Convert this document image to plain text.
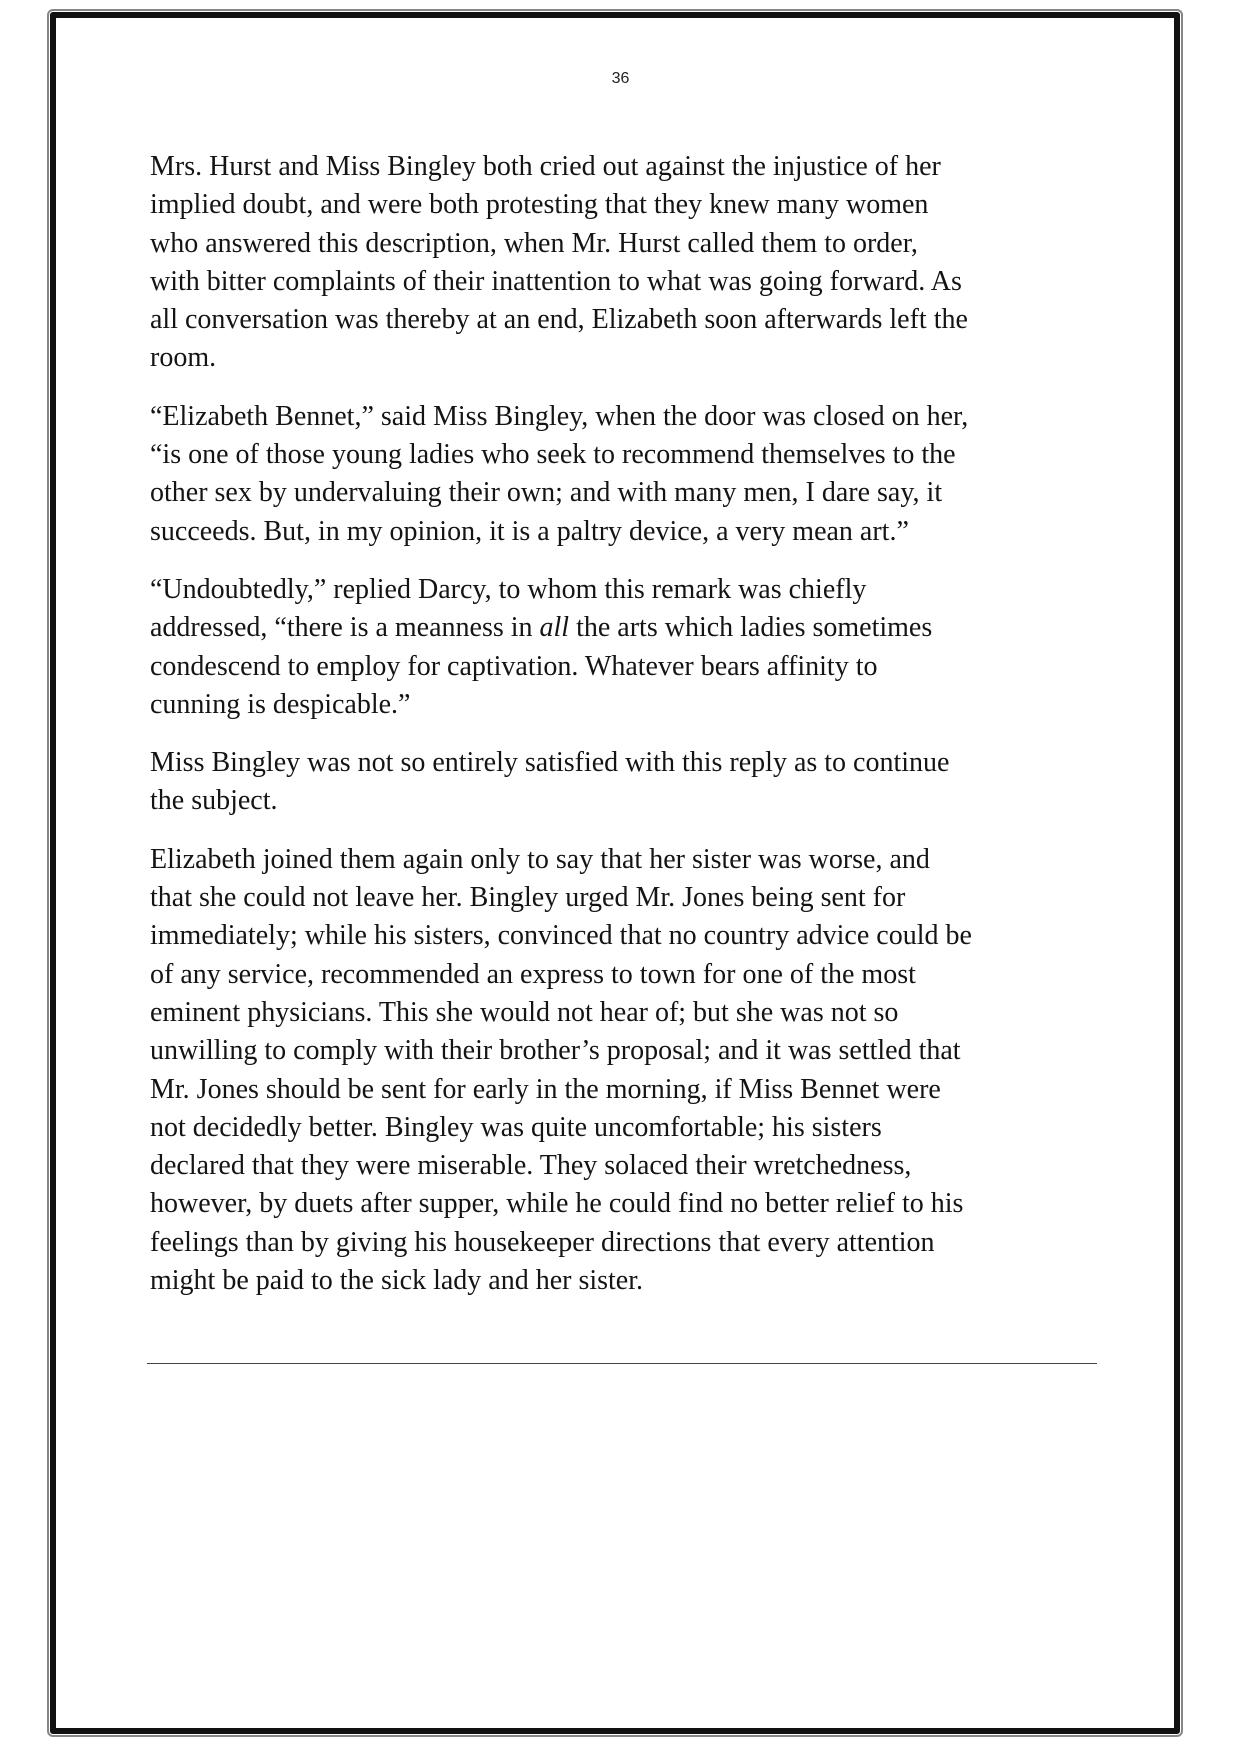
36

Mrs. Hurst and Miss Bingley both cried out against the injustice of her
implied doubt, and were both protesting that they knew many women
who answered this description, when Mr. Hurst called them to order,
with bitter complaints of their inattention to what was going forward. As
all conversation was thereby at an end, Elizabeth soon afterwards left the
room.

“Elizabeth Bennet,” said Miss Bingley, when the door was closed on her,
“is one of those young ladies who seek to recommend themselves to the
other sex by undervaluing their own; and with many men, I dare say, it
succeeds. But, in my opinion, it is a paltry device, a very mean art.”

“Undoubtedly,” replied Darcy, to whom this remark was chiefly
addressed, “there is a meanness in all the arts which ladies sometimes
condescend to employ for captivation. Whatever bears affinity to
cunning is despicable.”

Miss Bingley was not so entirely satisfied with this reply as to continue
the subject.

Elizabeth joined them again only to say that her sister was worse, and
that she could not leave her. Bingley urged Mr. Jones being sent for
immediately; while his sisters, convinced that no country advice could be
of any service, recommended an express to town for one of the most
eminent physicians. This she would not hear of; but she was not so
unwilling to comply with their brother’s proposal; and it was settled that
Mr. Jones should be sent for early in the morning, if Miss Bennet were
not decidedly better. Bingley was quite uncomfortable; his sisters
declared that they were miserable. They solaced their wretchedness,
however, by duets after supper, while he could find no better relief to his
feelings than by giving his housekeeper directions that every attention
might be paid to the sick lady and her sister.
